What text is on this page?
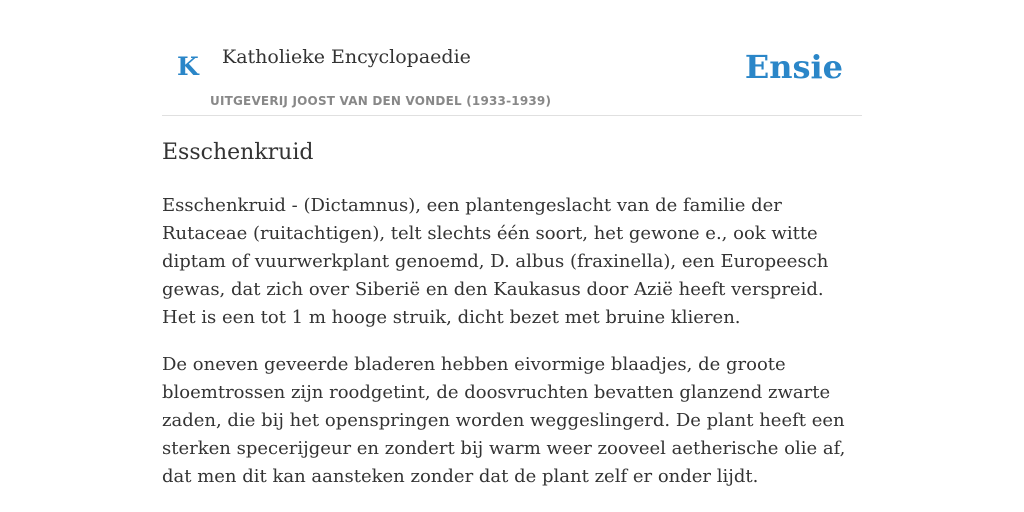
K Katholieke Encyclopaedie
UITGEVERIJ JOOST VAN DEN VONDEL (1933-1939)
Ensie
Esschenkruid

Esschenkruid - (Dictamnus), een plantengeslacht van de familie der Rutaceae (ruitachtigen), telt slechts één soort, het gewone e., ook witte diptam of vuurwerkplant genoemd, D. albus (fraxinella), een Europeesch gewas, dat zich over Siberië en den Kaukasus door Azië heeft verspreid. Het is een tot 1 m hooge struik, dicht bezet met bruine klieren.

De oneven geveerde bladeren hebben eivormige blaadjes, de groote bloemtrossen zijn roodgetint, de doosvruchten bevatten glanzend zwarte zaden, die bij het openspringen worden weggeslingerd. De plant heeft een sterken specerijgeur en zondert bij warm weer zooveel aetherische olie af, dat men dit kan aansteken zonder dat de plant zelf er onder lijdt.
